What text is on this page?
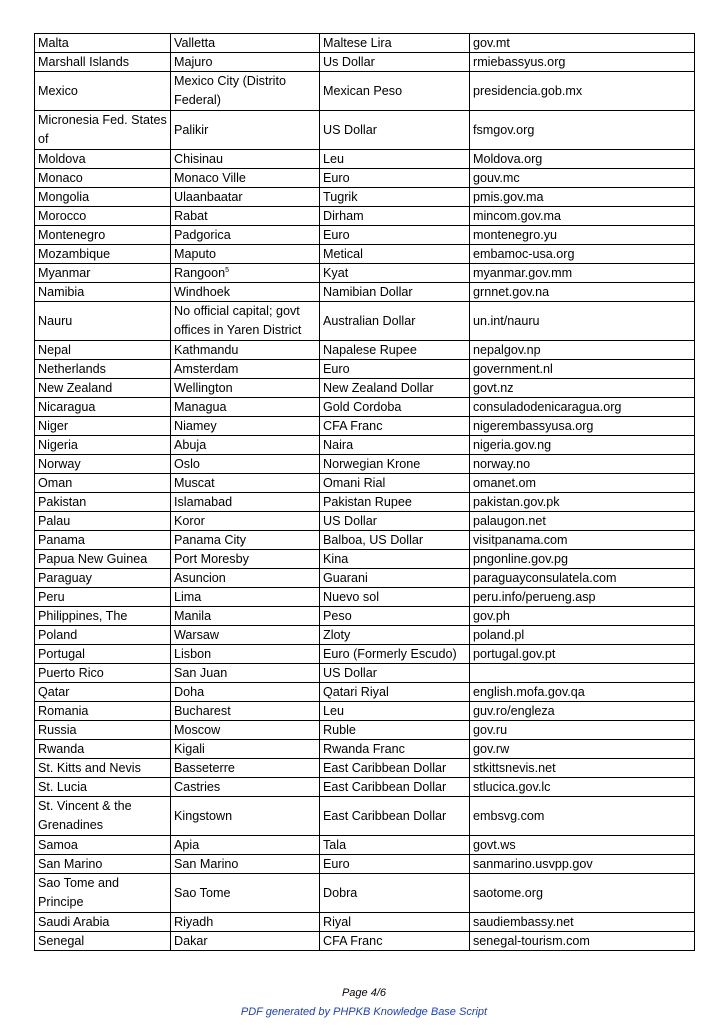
Malta	Valletta	Maltese Lira	gov.mt
Marshall Islands	Majuro	Us Dollar	rmiebassyus.org
Mexico	Mexico City (Distrito Federal)	Mexican Peso	presidencia.gob.mx

Micronesia Fed. States of	Palikir	US Dollar	fsmgov.org
Moldova	Chisinau	Leu	Moldova.org
Monaco	Monaco Ville	Euro	gouv.mc
Mongolia	Ulaanbaatar	Tugrik	pmis.gov.ma
Morocco	Rabat	Dirham	mincom.gov.ma
Montenegro	Padgorica	Euro	montenegro.yu
Mozambique	Maputo	Metical	embamoc-usa.org
Myanmar	Rangoon$^5$	Kyat	myanmar.gov.mm
Namibia	Windhoek	Namibian Dollar	grnnet.gov.na
Nauru	No official capital; govt offices in Yaren District	Australian Dollar	un.int/nauru
Nepal	Kathmandu	Napalese Rupee	nepalgov.np
Netherlands	Amsterdam	Euro	government.nl
New Zealand	Wellington	New Zealand Dollar	govt.nz
Nicaragua	Managua	Gold Cordoba	consuladodenicaragua.org
Niger	Niamey	CFA Franc	nigerembassyusa.org
Nigeria	Abuja	Naira	nigeria.gov.ng
Norway	Oslo	Norwegian Krone	norway.no
Oman	Muscat	Omani Rial	omanet.om
Pakistan	Islamabad	Pakistan Rupee	pakistan.gov.pk
Palau	Koror	US Dollar	palaugon.net
Panama	Panama City	Balboa, US Dollar	visitpanama.com
Papua New Guinea	Port Moresby	Kina	pngonline.gov.pg
Paraguay	Asuncion	Guarani	paraguayconsulatela.com
Peru	Lima	Nuevo sol	peru.info/perueng.asp
Philippines, The	Manila	Peso	gov.ph
Poland	Warsaw	Zloty	poland.pl
Portugal	Lisbon	Euro (Formerly Escudo)	portugal.gov.pt
Puerto Rico	San Juan	US Dollar	
Qatar	Doha	Qatari Riyal	english.mofa.gov.qa
Romania	Bucharest	Leu	guv.ro/engleza
Russia	Moscow	Ruble	gov.ru
Rwanda	Kigali	Rwanda Franc	gov.rw
St. Kitts and Nevis	Basseterre	East Caribbean Dollar	stkittsnevis.net
St. Lucia	Castries	East Caribbean Dollar	stlucica.gov.lc

St. Vincent & the Grenadines	Kingstown	East Caribbean Dollar	embsvg.com
Samoa	Apia	Tala	govt.ws
San Marino	San Marino	Euro	sanmarino.usvpp.gov

Sao Tome and Principe	Sao Tome	Dobra	saotome.org
Saudi Arabia	Riyadh	Riyal	saudiembassy.net
Senegal	Dakar	CFA Franc	senegal-tourism.com
Page 4/6
PDF generated by PHPKB Knowledge Base Script
